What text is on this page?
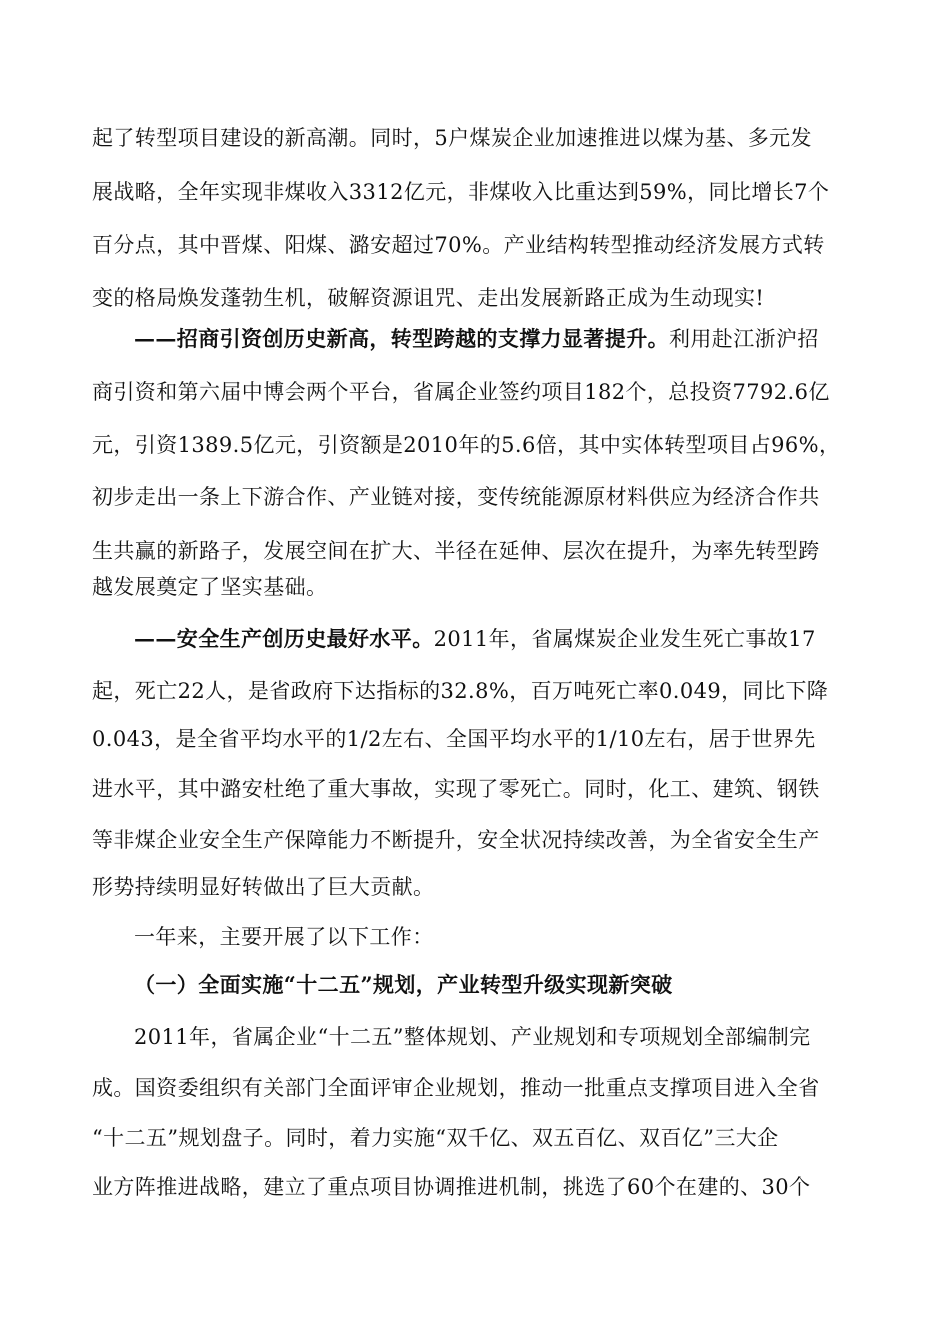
起了转型项目建设的新高潮。同时，5户煤炭企业加速推进以煤为基、多元发
展战略，全年实现非煤收入3312亿元，非煤收入比重达到59%，同比增长7个
百分点，其中晋煤、阳煤、潞安超过70%。产业结构转型推动经济发展方式转
变的格局焕发蓬勃生机，破解资源诅咒、走出发展新路正成为生动现实!
——招商引资创历史新高，转型跨越的支撑力显著提升。利用赴江浙沪招
商引资和第六届中博会两个平台，省属企业签约项目182个，总投资7792.6亿
元，引资1389.5亿元，引资额是2010年的5.6倍，其中实体转型项目占96%，
初步走出一条上下游合作、产业链对接，变传统能源原材料供应为经济合作共
生共赢的新路子，发展空间在扩大、半径在延伸、层次在提升，为率先转型跨
越发展奠定了坚实基础。
——安全生产创历史最好水平。2011年，省属煤炭企业发生死亡事故17
起，死亡22人，是省政府下达指标的32.8%，百万吨死亡率0.049，同比下降
0.043，是全省平均水平的1/2左右、全国平均水平的1/10左右，居于世界先
进水平，其中潞安杜绝了重大事故，实现了零死亡。同时，化工、建筑、钢铁
等非煤企业安全生产保障能力不断提升，安全状况持续改善，为全省安全生产
形势持续明显好转做出了巨大贡献。
一年来，主要开展了以下工作：
（一）全面实施“十二五”规划，产业转型升级实现新突破
2011年，省属企业“十二五”整体规划、产业规划和专项规划全部编制完
成。国资委组织有关部门全面评审企业规划，推动一批重点支撑项目进入全省
“十二五”规划盘子。同时，着力实施“双千亿、双五百亿、双百亿”三大企
业方阵推进战略，建立了重点项目协调推进机制，挑选了60个在建的、30个
